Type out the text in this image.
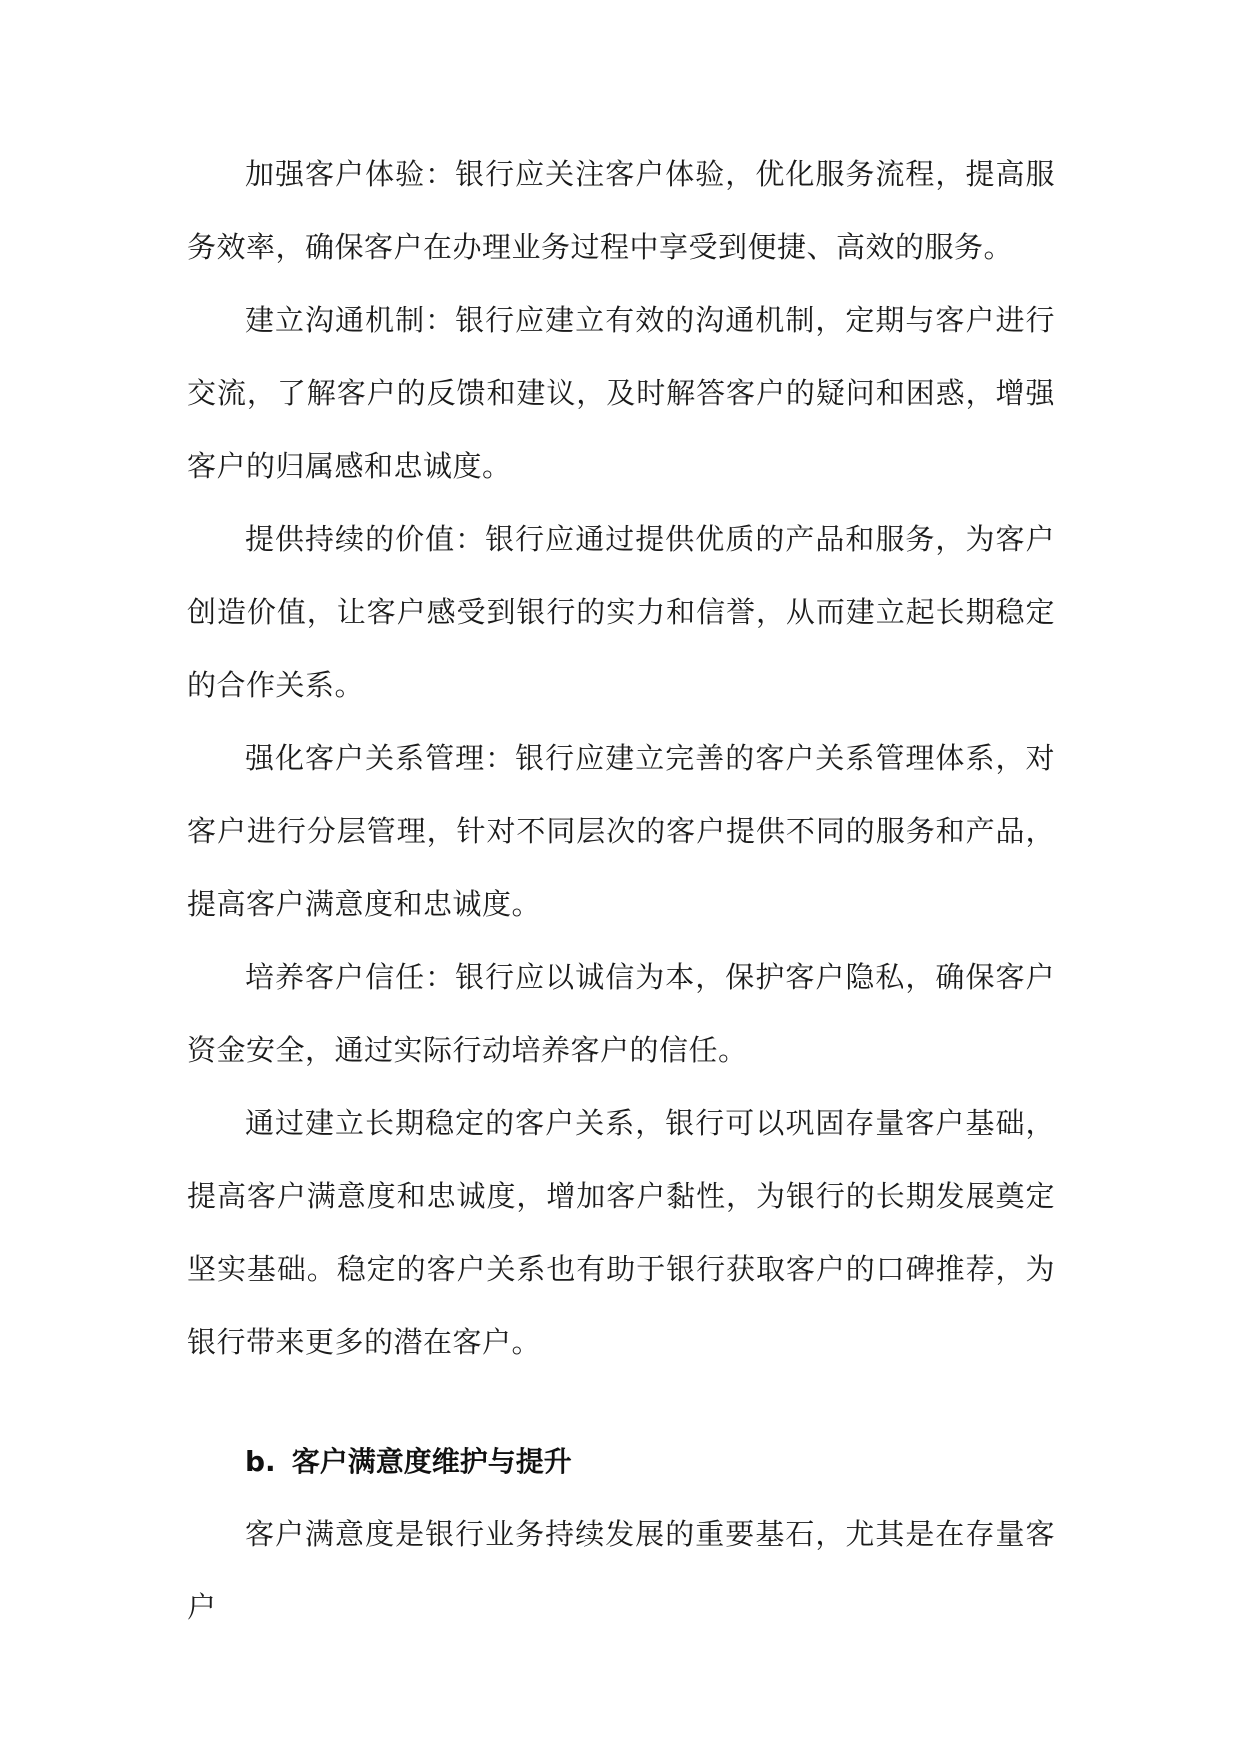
加强客户体验：银行应关注客户体验，优化服务流程，提高服务效率，确保客户在办理业务过程中享受到便捷、高效的服务。

建立沟通机制：银行应建立有效的沟通机制，定期与客户进行交流，了解客户的反馈和建议，及时解答客户的疑问和困惑，增强客户的归属感和忠诚度。

提供持续的价值：银行应通过提供优质的产品和服务，为客户创造价值，让客户感受到银行的实力和信誉，从而建立起长期稳定的合作关系。

强化客户关系管理：银行应建立完善的客户关系管理体系，对客户进行分层管理，针对不同层次的客户提供不同的服务和产品，提高客户满意度和忠诚度。

培养客户信任：银行应以诚信为本，保护客户隐私，确保客户资金安全，通过实际行动培养客户的信任。

通过建立长期稳定的客户关系，银行可以巩固存量客户基础，提高客户满意度和忠诚度，增加客户黏性，为银行的长期发展奠定坚实基础。稳定的客户关系也有助于银行获取客户的口碑推荐，为银行带来更多的潜在客户。

b. 客户满意度维护与提升

客户满意度是银行业务持续发展的重要基石，尤其是在存量客户
